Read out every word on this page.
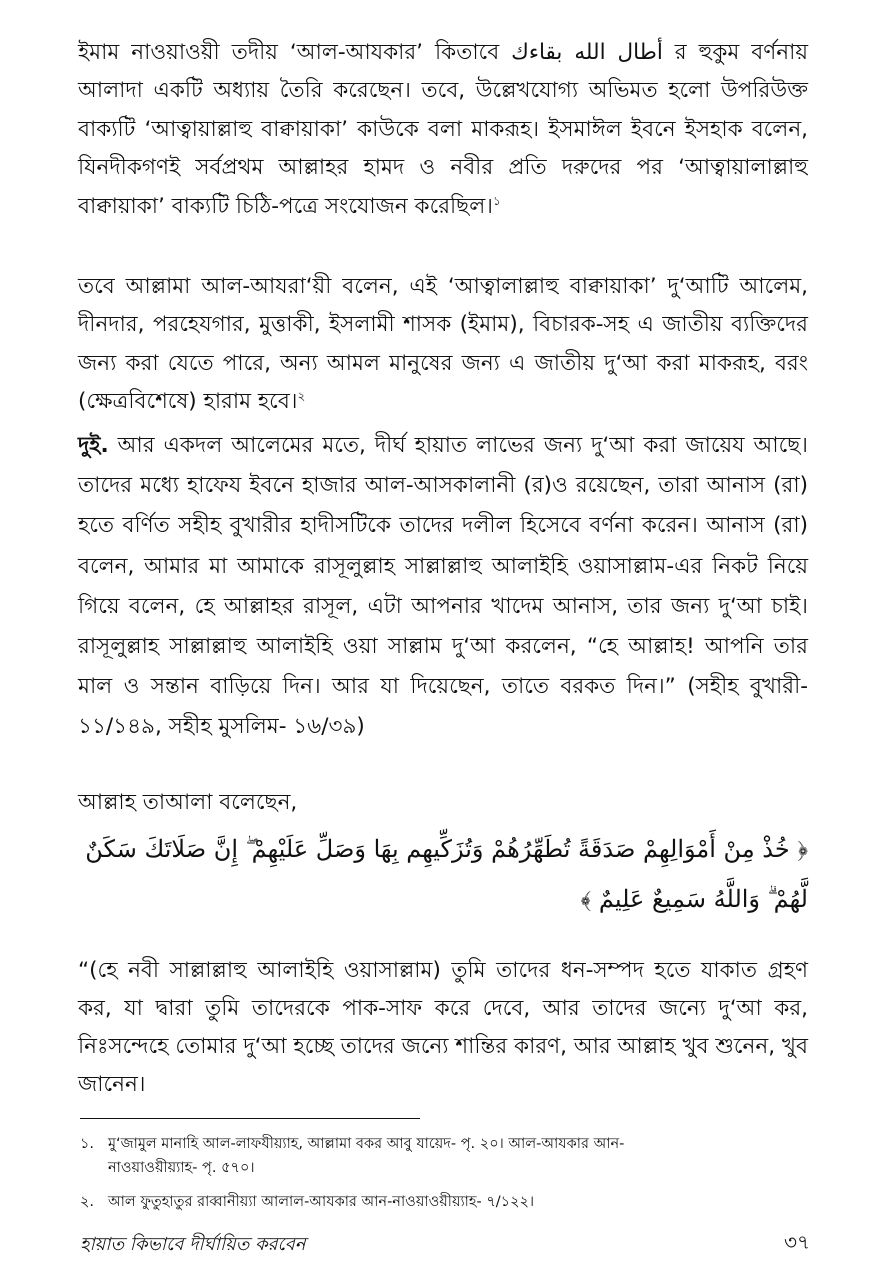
ইমাম নাওয়াওয়ী তদীয় ‘আল-আযকার’ কিতাবে أطال الله بقاءك র হুকুম বর্ণনায় আলাদা একটি অধ্যায় তৈরি করেছেন। তবে, উল্লেখযোগ্য অভিমত হলো উপরিউক্ত বাক্যটি ‘আত্বায়াল্লাহু বাক্বায়াকা’ কাউকে বলা মাকরূহ। ইসমাঈল ইবনে ইসহাক বলেন, যিনদীকগণই সর্বপ্রথম আল্লাহর হামদ ও নবীর প্রতি দরুদের পর ‘আত্বায়ালাল্লাহু বাক্বায়াকা’ বাক্যটি চিঠি-পত্রে সংযোজন করেছিল।$^১$

তবে আল্লামা আল-আযরা‘য়ী বলেন, এই ‘আত্বালাল্লাহু বাক্বায়াকা’ দু‘আটি আলেম, দীনদার, পরহেযগার, মুত্তাকী, ইসলামী শাসক (ইমাম), বিচারক-সহ এ জাতীয় ব্যক্তিদের জন্য করা যেতে পারে, অন্য আমল মানুষের জন্য এ জাতীয় দু‘আ করা মাকরূহ, বরং (ক্ষেত্রবিশেষে) হারাম হবে।$^২$

দুই. আর একদল আলেমের মতে, দীর্ঘ হায়াত লাভের জন্য দু‘আ করা জায়েয আছে। তাদের মধ্যে হাফেয ইবনে হাজার আল-আসকালানী (র)ও রয়েছেন, তারা আনাস (রা) হতে বর্ণিত সহীহ বুখারীর হাদীসটিকে তাদের দলীল হিসেবে বর্ণনা করেন। আনাস (রা) বলেন, আমার মা আমাকে রাসূলুল্লাহ সাল্লাল্লাহু আলাইহি ওয়াসাল্লাম-এর নিকট নিয়ে গিয়ে বলেন, হে আল্লাহর রাসূল, এটা আপনার খাদেম আনাস, তার জন্য দু‘আ চাই। রাসূলুল্লাহ সাল্লাল্লাহু আলাইহি ওয়া সাল্লাম দু‘আ করলেন, “হে আল্লাহ! আপনি তার মাল ও সন্তান বাড়িয়ে দিন। আর যা দিয়েছেন, তাতে বরকত দিন।” (সহীহ বুখারী- ১১/১৪৯, সহীহ মুসলিম- ১৬/৩৯)

আল্লাহ তাআলা বলেছেন,

﴿ خُذْ مِنْ أَمْوَالِهِمْ صَدَقَةً تُطَهِّرُهُمْ وَتُزَكِّيهِم بِهَا وَصَلِّ عَلَيْهِمْ ۖ إِنَّ صَلَاتَكَ سَكَنٌ
لَّهُمْ ۗ وَاللَّهُ سَمِيعٌ عَلِيمٌ ﴾

“(হে নবী সাল্লাল্লাহু আলাইহি ওয়াসাল্লাম) তুমি তাদের ধন-সম্পদ হতে যাকাত গ্রহণ কর, যা দ্বারা তুমি তাদেরকে পাক-সাফ করে দেবে, আর তাদের জন্যে দু‘আ কর, নিঃসন্দেহে তোমার দু‘আ হচ্ছে তাদের জন্যে শান্তির কারণ, আর আল্লাহ খুব শুনেন, খুব জানেন।

১. মু‘জামুল মানাহি আল-লাফযীয়্যাহ, আল্লামা বকর আবু যায়েদ- পৃ. ২০। আল-আযকার আন-
নাওয়াওয়ীয়্যাহ- পৃ. ৫৭০।
২. আল ফুতুহাতুর রাব্বানীয়্যা আলাল-আযকার আন-নাওয়াওয়ীয়্যাহ- ৭/১২২।
হায়াত কিভাবে দীর্ঘায়িত করবেন	৩৭
